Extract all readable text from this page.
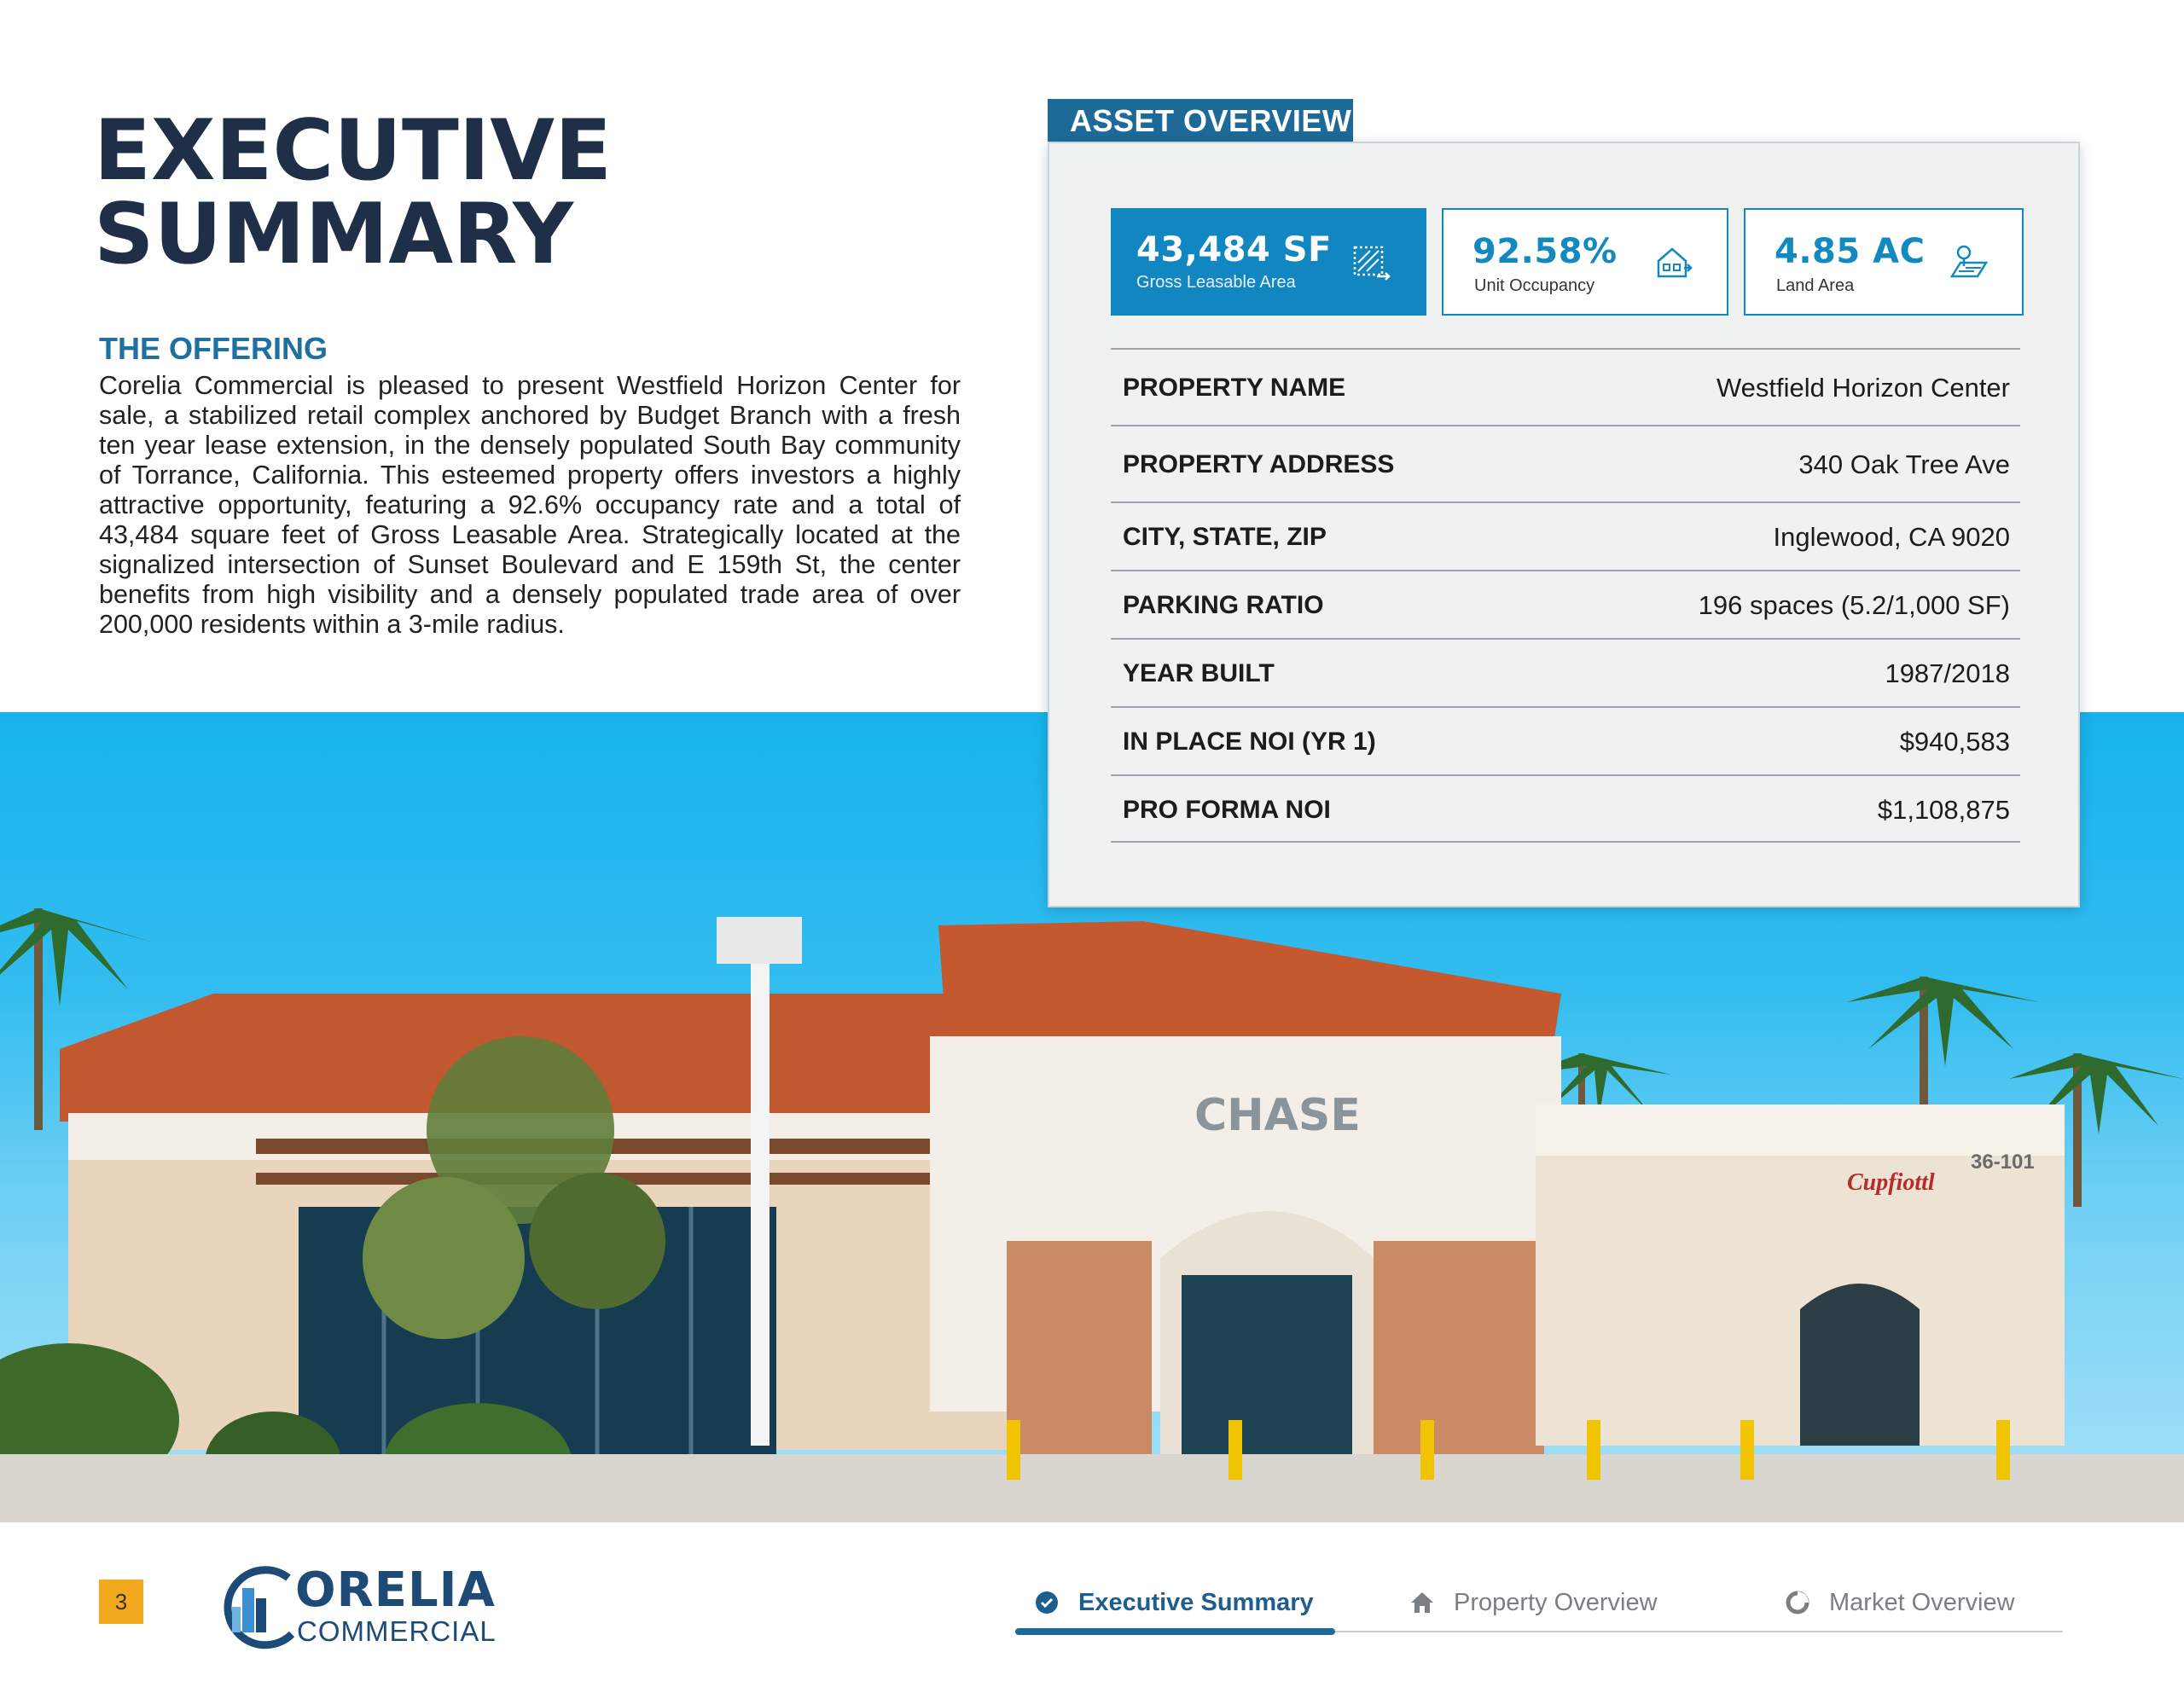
EXECUTIVE
SUMMARY
THE OFFERING

Corelia Commercial is pleased to present Westfield Horizon Center for sale, a stabilized retail complex anchored by Budget Branch with a fresh ten year lease extension, in the densely populated South Bay community of Torrance, California. This esteemed property offers investors a highly attractive opportunity, featuring a 92.6% occupancy rate and a total of 43,484 square feet of Gross Leasable Area. Strategically located at the signalized intersection of Sunset Boulevard and E 159th St, the center benefits from high visibility and a densely populated trade area of over 200,000 residents within a 3-mile radius.

CHASE
Cupfiottl
36-101
ASSET OVERVIEW
43,484 SF
Gross Leasable Area
92.58%
Unit Occupancy
4.85 AC
Land Area
PROPERTY NAME	Westfield Horizon Center
PROPERTY ADDRESS	340 Oak Tree Ave
CITY, STATE, ZIP	Inglewood, CA 9020
PARKING RATIO	196 spaces (5.2/1,000 SF)
YEAR BUILT	1987/2018
IN PLACE NOI (YR 1)	$940,583
PRO FORMA NOI	$1,108,875
3	ORELIA
COMMERCIAL
Executive Summary	Property Overview	Market Overview
